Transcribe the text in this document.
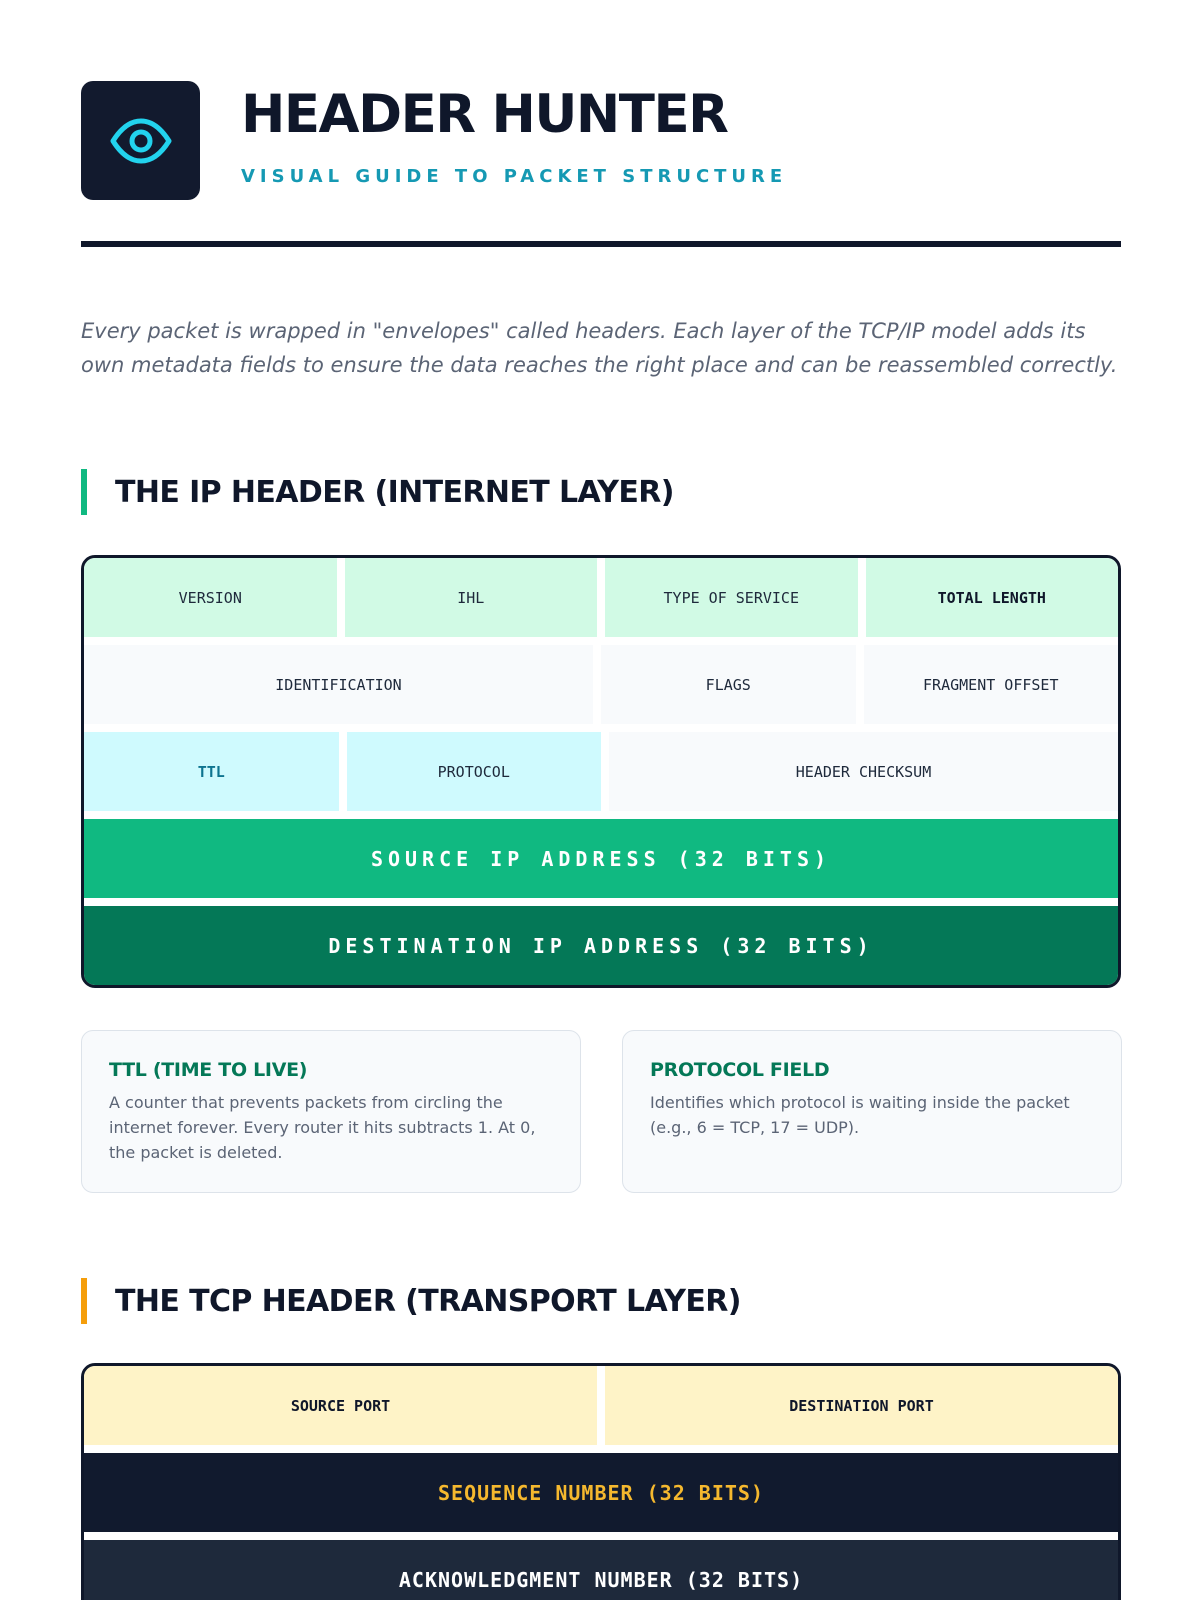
HEADER HUNTER
VISUAL GUIDE TO PACKET STRUCTURE

Every packet is wrapped in "envelopes" called headers. Each layer of the TCP/IP model adds its own metadata fields to ensure the data reaches the right place and can be reassembled correctly.

THE IP HEADER (INTERNET LAYER)
VERSION	IHL	TYPE OF SERVICE	TOTAL LENGTH
IDENTIFICATION	FLAGS	FRAGMENT OFFSET
TTL	PROTOCOL	HEADER CHECKSUM
SOURCE IP ADDRESS (32 BITS)
DESTINATION IP ADDRESS (32 BITS)
TTL (TIME TO LIVE)

A counter that prevents packets from circling the internet forever. Every router it hits subtracts 1. At 0, the packet is deleted.

PROTOCOL FIELD

Identifies which protocol is waiting inside the packet (e.g., 6 = TCP, 17 = UDP).

THE TCP HEADER (TRANSPORT LAYER)
SOURCE PORT	DESTINATION PORT
SEQUENCE NUMBER (32 BITS)
ACKNOWLEDGMENT NUMBER (32 BITS)
